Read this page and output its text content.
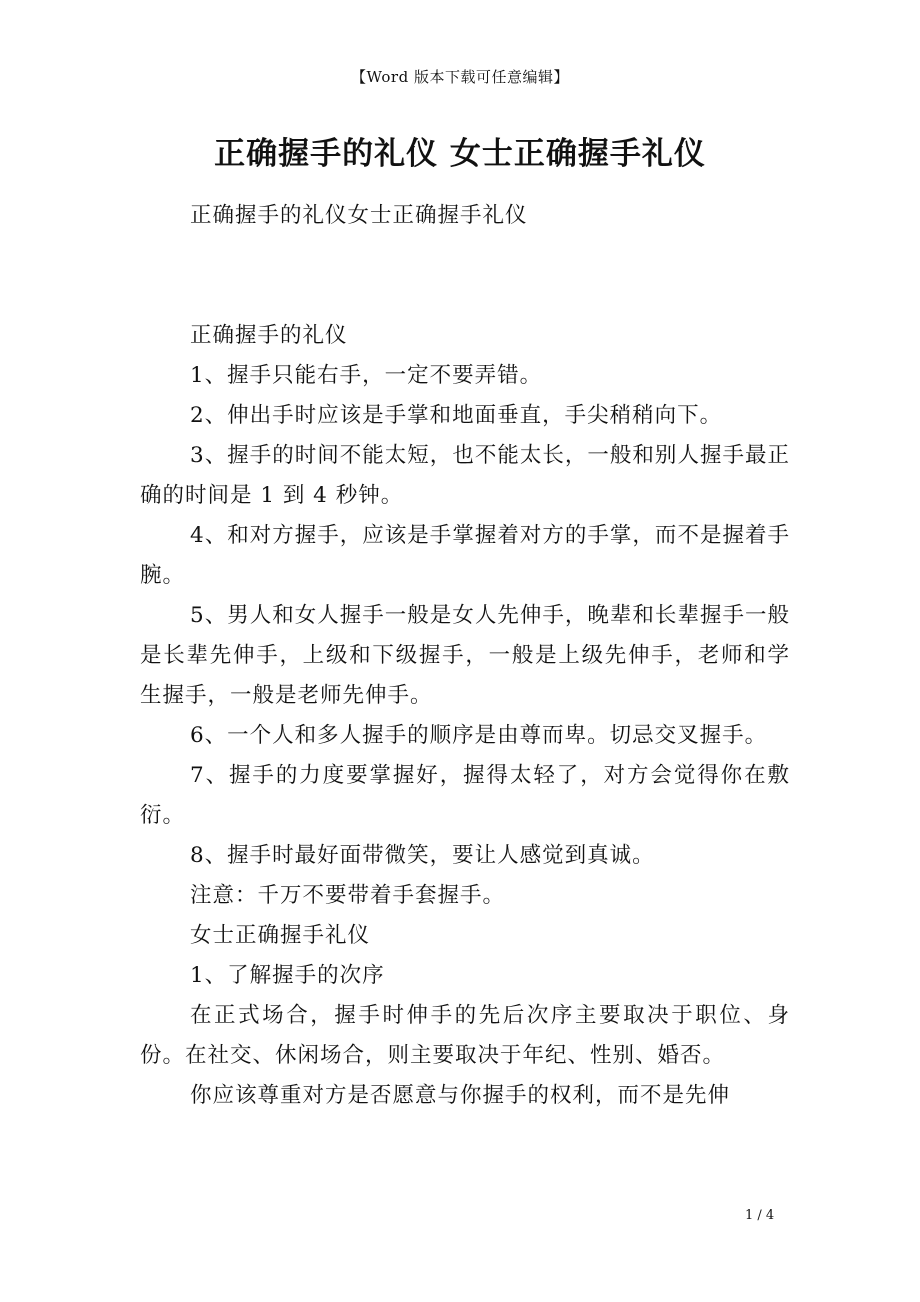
【Word 版本下载可任意编辑】
正确握手的礼仪 女士正确握手礼仪

正确握手的礼仪女士正确握手礼仪

正确握手的礼仪

1、握手只能右手，一定不要弄错。

2、伸出手时应该是手掌和地面垂直，手尖稍稍向下。

3、握手的时间不能太短，也不能太长，一般和别人握手最正确的时间是 1 到 4 秒钟。

4、和对方握手，应该是手掌握着对方的手掌，而不是握着手腕。

5、男人和女人握手一般是女人先伸手，晚辈和长辈握手一般是长辈先伸手，上级和下级握手，一般是上级先伸手，老师和学生握手，一般是老师先伸手。

6、一个人和多人握手的顺序是由尊而卑。切忌交叉握手。

7、握手的力度要掌握好，握得太轻了，对方会觉得你在敷衍。

8、握手时最好面带微笑，要让人感觉到真诚。

注意：千万不要带着手套握手。

女士正确握手礼仪

1、了解握手的次序

在正式场合，握手时伸手的先后次序主要取决于职位、身份。在社交、休闲场合，则主要取决于年纪、性别、婚否。

你应该尊重对方是否愿意与你握手的权利，而不是先伸

1 / 4
